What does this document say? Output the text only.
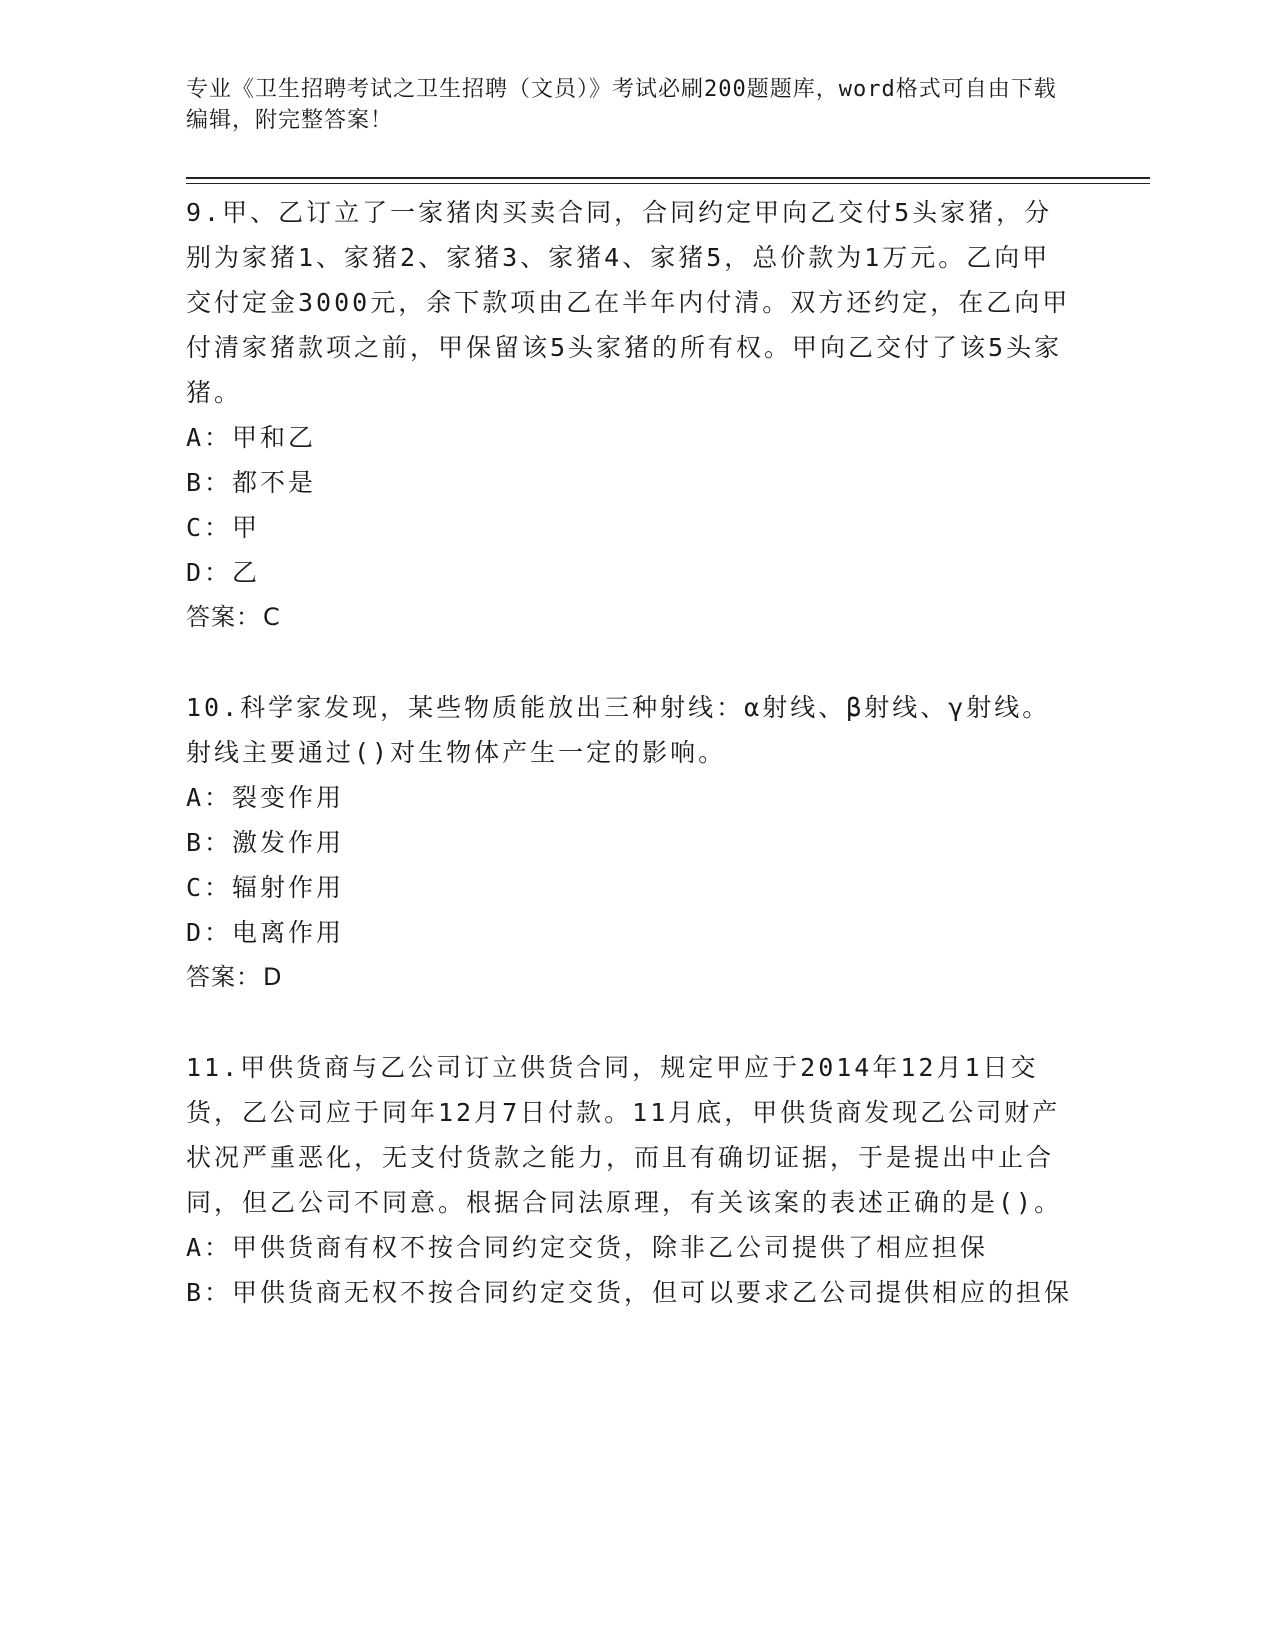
专业《卫生招聘考试之卫生招聘（文员）》考试必刷200题题库，word格式可自由下载编辑，附完整答案！
9.甲、乙订立了一家猪肉买卖合同，合同约定甲向乙交付5头家猪，分别为家猪1、家猪2、家猪3、家猪4、家猪5，总价款为1万元。乙向甲交付定金3000元，余下款项由乙在半年内付清。双方还约定，在乙向甲付清家猪款项之前，甲保留该5头家猪的所有权。甲向乙交付了该5头家猪。
A：甲和乙
B：都不是
C：甲
D：乙
答案：C
10.科学家发现，某些物质能放出三种射线：α射线、β射线、γ射线。射线主要通过()对生物体产生一定的影响。
A：裂变作用
B：激发作用
C：辐射作用
D：电离作用
答案：D
11.甲供货商与乙公司订立供货合同，规定甲应于2014年12月1日交货，乙公司应于同年12月7日付款。11月底，甲供货商发现乙公司财产状况严重恶化，无支付货款之能力，而且有确切证据，于是提出中止合同，但乙公司不同意。根据合同法原理，有关该案的表述正确的是()。
A：甲供货商有权不按合同约定交货，除非乙公司提供了相应担保
B：甲供货商无权不按合同约定交货，但可以要求乙公司提供相应的担保
